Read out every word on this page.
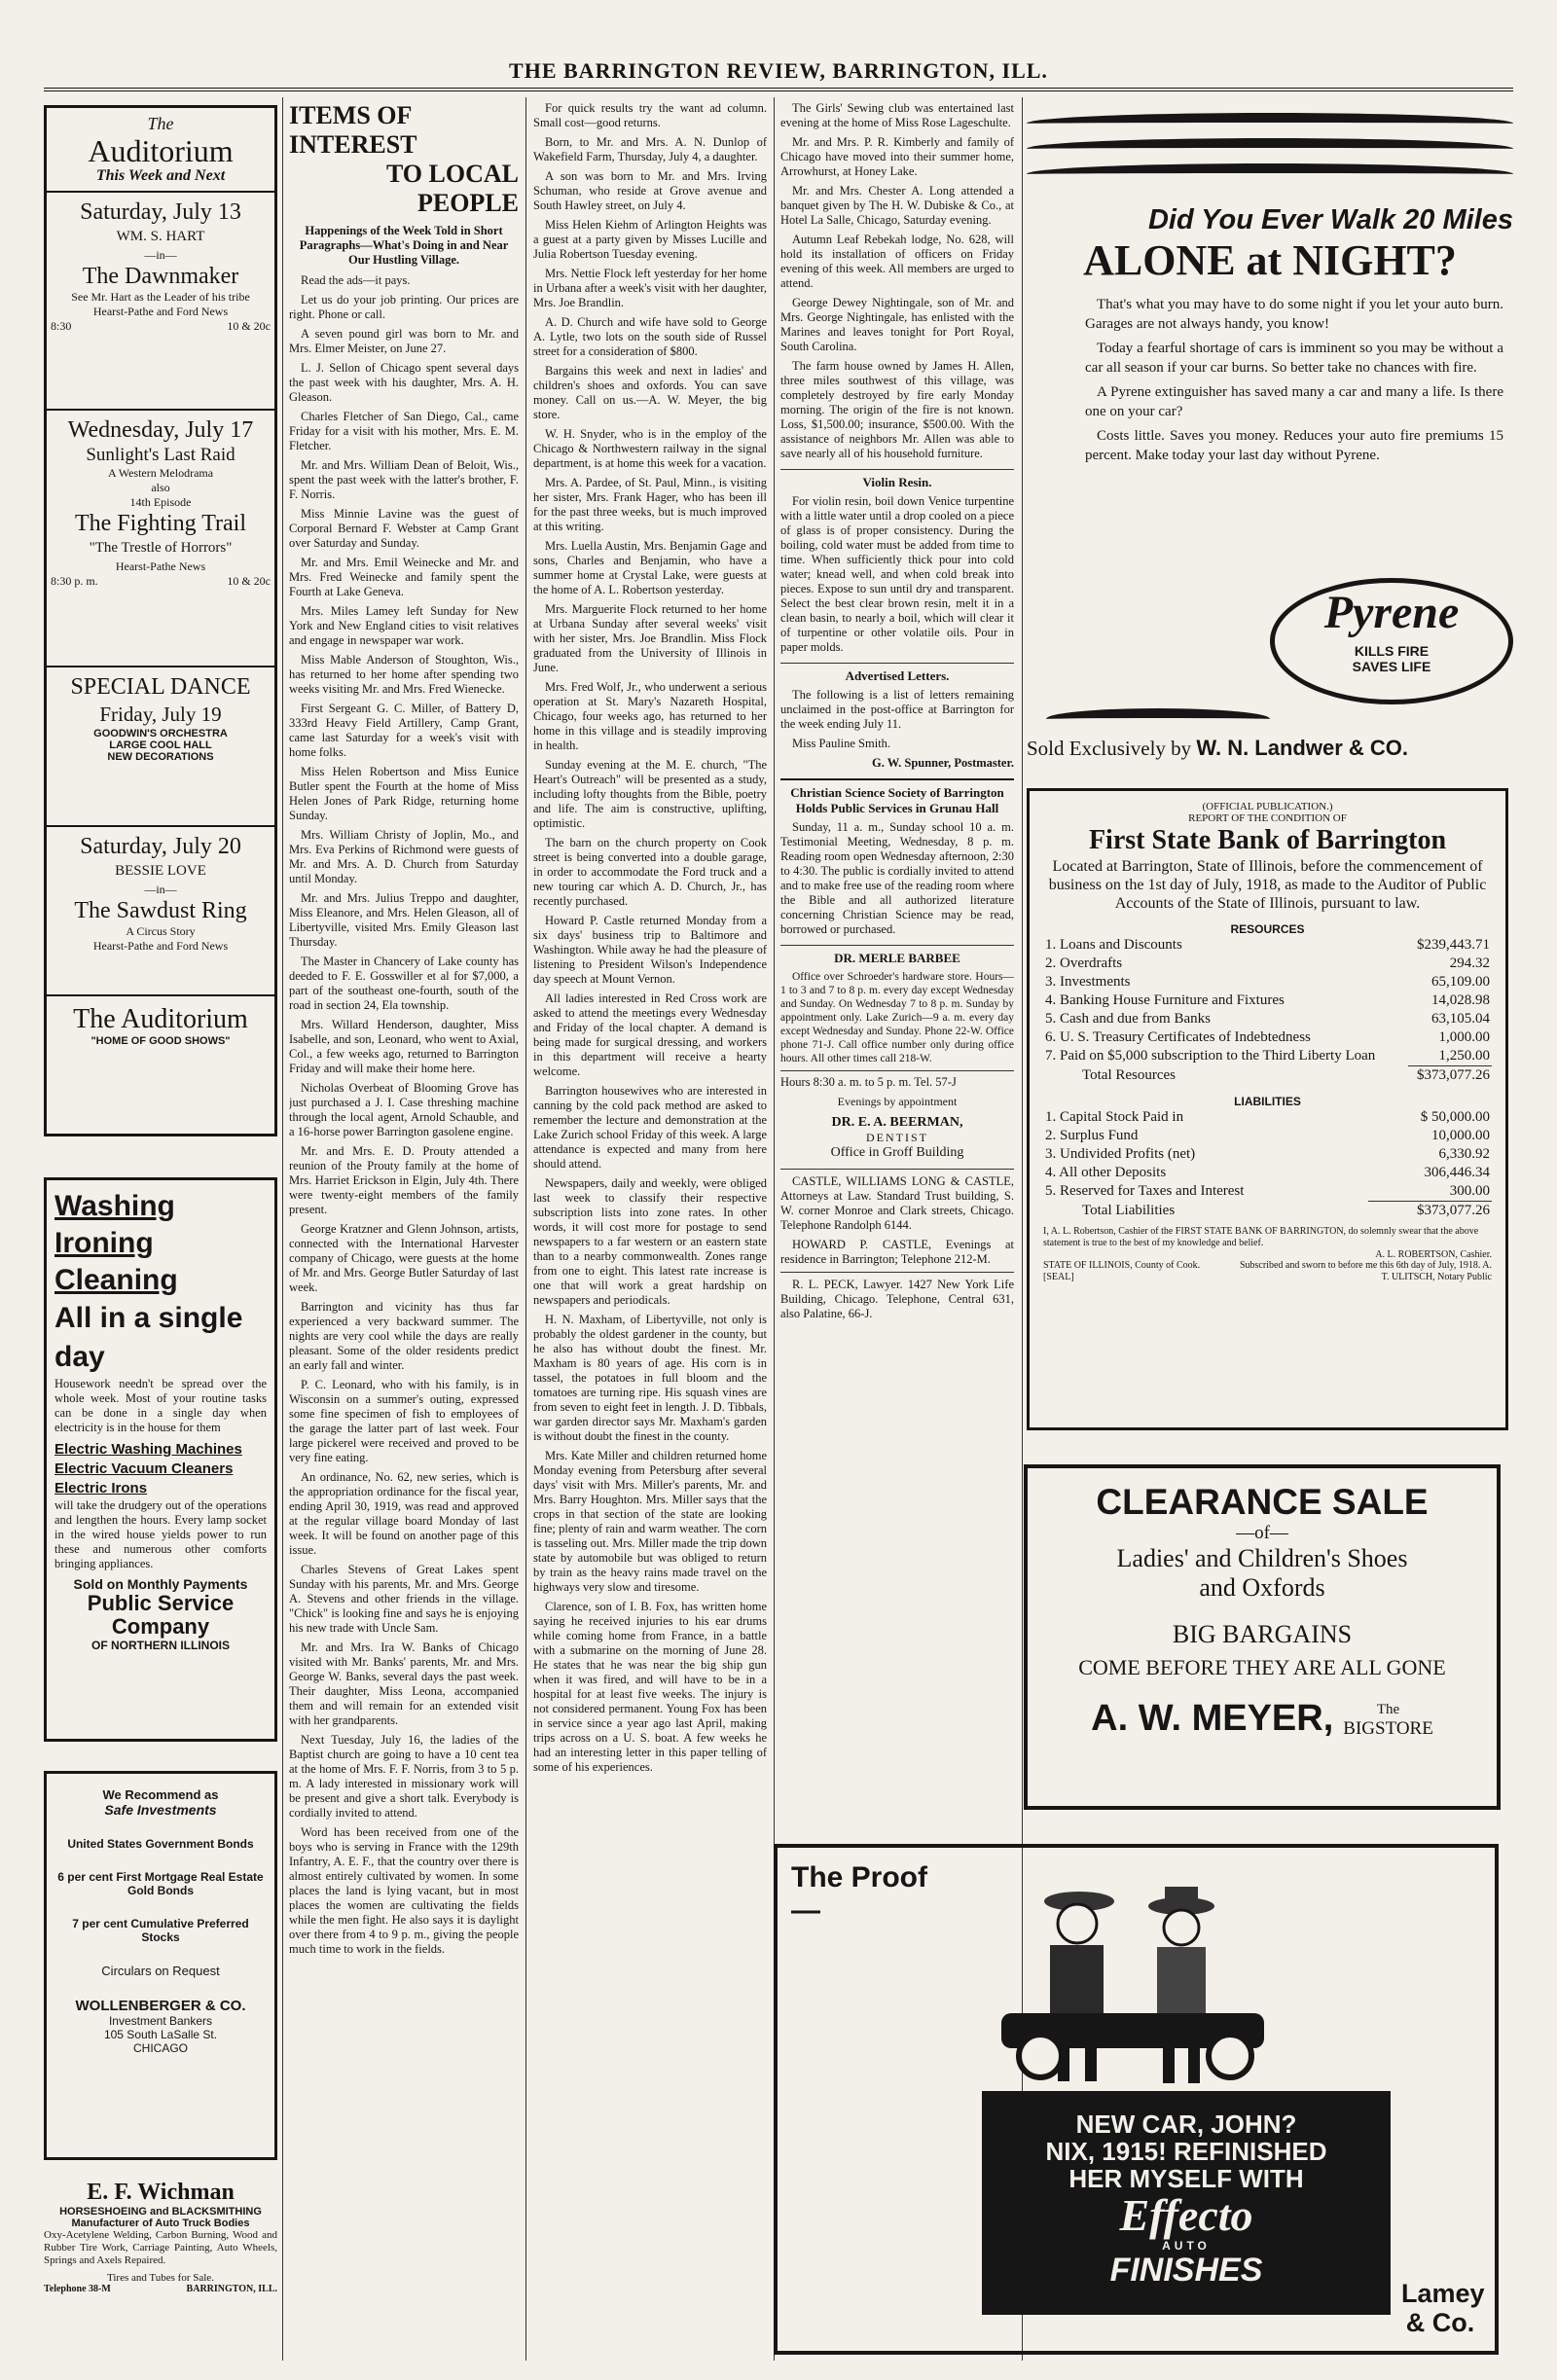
THE BARRINGTON REVIEW, BARRINGTON, ILL.
The
Auditorium
This Week and Next
Saturday, July 13
WM. S. HART
—in—
The Dawnmaker
See Mr. Hart as the Leader of his tribe
Hearst-Pathe and Ford News
8:30	10 & 20c
Wednesday, July 17
Sunlight's Last Raid
A Western Melodrama
also
14th Episode
The Fighting Trail
"The Trestle of Horrors"
Hearst-Pathe News
8:30 p. m.	10 & 20c
SPECIAL DANCE
Friday, July 19
GOODWIN'S ORCHESTRA
LARGE COOL HALL
NEW DECORATIONS
Saturday, July 20
BESSIE LOVE
—in—
The Sawdust Ring
A Circus Story
Hearst-Pathe and Ford News
The Auditorium
"HOME OF GOOD SHOWS"
Washing
Ironing
Cleaning
All in a single day
Housework needn't be spread over the whole week. Most of your routine tasks can be done in a single day when electricity is in the house for them
Electric Washing Machines
Electric Vacuum Cleaners
Electric Irons
will take the drudgery out of the operations and lengthen the hours. Every lamp socket in the wired house yields power to run these and numerous other comforts bringing appliances.
Sold on Monthly Payments
Public Service Company
OF NORTHERN ILLINOIS
We Recommend as
Safe Investments
United States Government Bonds
6 per cent First Mortgage Real Estate Gold Bonds
7 per cent Cumulative Preferred Stocks
Circulars on Request
WOLLENBERGER & CO.
Investment Bankers
105 South LaSalle St.
CHICAGO
E. F. Wichman
HORSESHOEING and BLACKSMITHING
Manufacturer of Auto Truck Bodies
Oxy-Acetylene Welding, Carbon Burning, Wood and Rubber Tire Work, Carriage Painting, Auto Wheels, Springs and Axels Repaired.
Tires and Tubes for Sale.
Telephone 38-M	BARRINGTON, ILL.
ITEMS OF INTEREST
TO LOCAL PEOPLE
Happenings of the Week Told in Short Paragraphs—What's Doing in and Near Our Hustling Village.
Read the ads—it pays.
Let us do your job printing. Our prices are right. Phone or call.
A seven pound girl was born to Mr. and Mrs. Elmer Meister, on June 27.
L. J. Sellon of Chicago spent several days the past week with his daughter, Mrs. A. H. Gleason.
Charles Fletcher of San Diego, Cal., came Friday for a visit with his mother, Mrs. E. M. Fletcher.
Mr. and Mrs. William Dean of Beloit, Wis., spent the past week with the latter's brother, F. F. Norris.
Miss Minnie Lavine was the guest of Corporal Bernard F. Webster at Camp Grant over Saturday and Sunday.
Mr. and Mrs. Emil Weinecke and Mr. and Mrs. Fred Weinecke and family spent the Fourth at Lake Geneva.
Mrs. Miles Lamey left Sunday for New York and New England cities to visit relatives and engage in newspaper war work.
Miss Mable Anderson of Stoughton, Wis., has returned to her home after spending two weeks visiting Mr. and Mrs. Fred Wienecke.
First Sergeant G. C. Miller, of Battery D, 333rd Heavy Field Artillery, Camp Grant, came last Saturday for a week's visit with home folks.
Miss Helen Robertson and Miss Eunice Butler spent the Fourth at the home of Miss Helen Jones of Park Ridge, returning home Sunday.
Mrs. William Christy of Joplin, Mo., and Mrs. Eva Perkins of Richmond were guests of Mr. and Mrs. A. D. Church from Saturday until Monday.
Mr. and Mrs. Julius Treppo and daughter, Miss Eleanore, and Mrs. Helen Gleason, all of Libertyville, visited Mrs. Emily Gleason last Thursday.
The Master in Chancery of Lake county has deeded to F. E. Gosswiller et al for $7,000, a part of the southeast one-fourth, south of the road in section 24, Ela township.
Mrs. Willard Henderson, daughter, Miss Isabelle, and son, Leonard, who went to Axial, Col., a few weeks ago, returned to Barrington Friday and will make their home here.
Nicholas Overbeat of Blooming Grove has just purchased a J. I. Case threshing machine through the local agent, Arnold Schauble, and a 16-horse power Barrington gasolene engine.
Mr. and Mrs. E. D. Prouty attended a reunion of the Prouty family at the home of Mrs. Harriet Erickson in Elgin, July 4th. There were twenty-eight members of the family present.
George Kratzner and Glenn Johnson, artists, connected with the International Harvester company of Chicago, were guests at the home of Mr. and Mrs. George Butler Saturday of last week.
Barrington and vicinity has thus far experienced a very backward summer. The nights are very cool while the days are really pleasant. Some of the older residents predict an early fall and winter.
P. C. Leonard, who with his family, is in Wisconsin on a summer's outing, expressed some fine specimen of fish to employees of the garage the latter part of last week. Four large pickerel were received and proved to be very fine eating.
An ordinance, No. 62, new series, which is the appropriation ordinance for the fiscal year, ending April 30, 1919, was read and approved at the regular village board Monday of last week. It will be found on another page of this issue.
Charles Stevens of Great Lakes spent Sunday with his parents, Mr. and Mrs. George A. Stevens and other friends in the village. "Chick" is looking fine and says he is enjoying his new trade with Uncle Sam.
Mr. and Mrs. Ira W. Banks of Chicago visited with Mr. Banks' parents, Mr. and Mrs. George W. Banks, several days the past week. Their daughter, Miss Leona, accompanied them and will remain for an extended visit with her grandparents.
Next Tuesday, July 16, the ladies of the Baptist church are going to have a 10 cent tea at the home of Mrs. F. F. Norris, from 3 to 5 p. m. A lady interested in missionary work will be present and give a short talk. Everybody is cordially invited to attend.
Word has been received from one of the boys who is serving in France with the 129th Infantry, A. E. F., that the country over there is almost entirely cultivated by women. In some places the land is lying vacant, but in most places the women are cultivating the fields while the men fight. He also says it is daylight over there from 4 to 9 p. m., giving the people much time to work in the fields.
For quick results try the want ad column. Small cost—good returns.
Born, to Mr. and Mrs. A. N. Dunlop of Wakefield Farm, Thursday, July 4, a daughter.
A son was born to Mr. and Mrs. Irving Schuman, who reside at Grove avenue and South Hawley street, on July 4.
Miss Helen Kiehm of Arlington Heights was a guest at a party given by Misses Lucille and Julia Robertson Tuesday evening.
Mrs. Nettie Flock left yesterday for her home in Urbana after a week's visit with her daughter, Mrs. Joe Brandlin.
A. D. Church and wife have sold to George A. Lytle, two lots on the south side of Russel street for a consideration of $800.
Bargains this week and next in ladies' and children's shoes and oxfords. You can save money. Call on us.—A. W. Meyer, the big store.
W. H. Snyder, who is in the employ of the Chicago & Northwestern railway in the signal department, is at home this week for a vacation.
Mrs. A. Pardee, of St. Paul, Minn., is visiting her sister, Mrs. Frank Hager, who has been ill for the past three weeks, but is much improved at this writing.
Mrs. Luella Austin, Mrs. Benjamin Gage and sons, Charles and Benjamin, who have a summer home at Crystal Lake, were guests at the home of A. L. Robertson yesterday.
Mrs. Marguerite Flock returned to her home at Urbana Sunday after several weeks' visit with her sister, Mrs. Joe Brandlin. Miss Flock graduated from the University of Illinois in June.
Mrs. Fred Wolf, Jr., who underwent a serious operation at St. Mary's Nazareth Hospital, Chicago, four weeks ago, has returned to her home in this village and is steadily improving in health.
Sunday evening at the M. E. church, "The Heart's Outreach" will be presented as a study, including lofty thoughts from the Bible, poetry and life. The aim is constructive, uplifting, optimistic.
The barn on the church property on Cook street is being converted into a double garage, in order to accommodate the Ford truck and a new touring car which A. D. Church, Jr., has recently purchased.
Howard P. Castle returned Monday from a six days' business trip to Baltimore and Washington. While away he had the pleasure of listening to President Wilson's Independence day speech at Mount Vernon.
All ladies interested in Red Cross work are asked to attend the meetings every Wednesday and Friday of the local chapter. A demand is being made for surgical dressing, and workers in this department will receive a hearty welcome.
Barrington housewives who are interested in canning by the cold pack method are asked to remember the lecture and demonstration at the Lake Zurich school Friday of this week. A large attendance is expected and many from here should attend.
Newspapers, daily and weekly, were obliged last week to classify their respective subscription lists into zone rates. In other words, it will cost more for postage to send newspapers to a far western or an eastern state than to a nearby commonwealth. Zones range from one to eight. This latest rate increase is one that will work a great hardship on newspapers and periodicals.
H. N. Maxham, of Libertyville, not only is probably the oldest gardener in the county, but he also has without doubt the finest. Mr. Maxham is 80 years of age. His corn is in tassel, the potatoes in full bloom and the tomatoes are turning ripe. His squash vines are from seven to eight feet in length. J. D. Tibbals, war garden director says Mr. Maxham's garden is without doubt the finest in the county.
Mrs. Kate Miller and children returned home Monday evening from Petersburg after several days' visit with Mrs. Miller's parents, Mr. and Mrs. Barry Houghton. Mrs. Miller says that the crops in that section of the state are looking fine; plenty of rain and warm weather. The corn is tasseling out. Mrs. Miller made the trip down state by automobile but was obliged to return by train as the heavy rains made travel on the highways very slow and tiresome.
Clarence, son of I. B. Fox, has written home saying he received injuries to his ear drums while coming home from France, in a battle with a submarine on the morning of June 28. He states that he was near the big ship gun when it was fired, and will have to be in a hospital for at least five weeks. The injury is not considered permanent. Young Fox has been in service since a year ago last April, making trips across on a U. S. boat. A few weeks he had an interesting letter in this paper telling of some of his experiences.
The Girls' Sewing club was entertained last evening at the home of Miss Rose Lageschulte.
Mr. and Mrs. P. R. Kimberly and family of Chicago have moved into their summer home, Arrowhurst, at Honey Lake.
Mr. and Mrs. Chester A. Long attended a banquet given by The H. W. Dubiske & Co., at Hotel La Salle, Chicago, Saturday evening.
Autumn Leaf Rebekah lodge, No. 628, will hold its installation of officers on Friday evening of this week. All members are urged to attend.
George Dewey Nightingale, son of Mr. and Mrs. George Nightingale, has enlisted with the Marines and leaves tonight for Port Royal, South Carolina.
The farm house owned by James H. Allen, three miles southwest of this village, was completely destroyed by fire early Monday morning. The origin of the fire is not known. Loss, $1,500.00; insurance, $500.00. With the assistance of neighbors Mr. Allen was able to save nearly all of his household furniture.
Violin Resin.
For violin resin, boil down Venice turpentine with a little water until a drop cooled on a piece of glass is of proper consistency. During the boiling, cold water must be added from time to time. When sufficiently thick pour into cold water; knead well, and when cold break into pieces. Expose to sun until dry and transparent. Select the best clear brown resin, melt it in a clean basin, to nearly a boil, which will clear it of turpentine or other volatile oils. Pour in paper molds.
Advertised Letters.
The following is a list of letters remaining unclaimed in the post-office at Barrington for the week ending July 11.
Miss Pauline Smith.
G. W. Spunner, Postmaster.
Christian Science Society of Barrington Holds Public Services in Grunau Hall
Sunday, 11 a. m., Sunday school 10 a. m. Testimonial Meeting, Wednesday, 8 p. m. Reading room open Wednesday afternoon, 2:30 to 4:30. The public is cordially invited to attend and to make free use of the reading room where the Bible and all authorized literature concerning Christian Science may be read, borrowed or purchased.
DR. MERLE BARBEE
Office over Schroeder's hardware store. Hours—1 to 3 and 7 to 8 p. m. every day except Wednesday and Sunday. On Wednesday 7 to 8 p. m. Sunday by appointment only. Lake Zurich—9 a. m. every day except Wednesday and Sunday. Phone 22-W. Office phone 71-J. Call office number only during office hours. All other times call 218-W.
Hours 8:30 a. m. to 5 p. m. Tel. 57-J
Evenings by appointment
DR. E. A. BEERMAN,
DENTIST
Office in Groff Building
CASTLE, WILLIAMS LONG & CASTLE, Attorneys at Law. Standard Trust building, S. W. corner Monroe and Clark streets, Chicago. Telephone Randolph 6144.
HOWARD P. CASTLE, Evenings at residence in Barrington; Telephone 212-M.
R. L. PECK, Lawyer. 1427 New York Life Building, Chicago. Telephone, Central 631, also Palatine, 66-J.
Did You Ever Walk 20 Miles
ALONE at NIGHT?
That's what you may have to do some night if you let your auto burn. Garages are not always handy, you know!
Today a fearful shortage of cars is imminent so you may be without a car all season if your car burns. So better take no chances with fire.
A Pyrene extinguisher has saved many a car and many a life. Is there one on your car?
Costs little. Saves you money. Reduces your auto fire premiums 15 percent. Make today your last day without Pyrene.
Pyrene
KILLS FIRE
SAVES LIFE
Sold Exclusively by W. N. Landwer & CO.
(OFFICIAL PUBLICATION.)
REPORT OF THE CONDITION OF
First State Bank of Barrington
Located at Barrington, State of Illinois, before the commencement of business on the 1st day of July, 1918, as made to the Auditor of Public Accounts of the State of Illinois, pursuant to law.
RESOURCES
1. Loans and Discounts	$239,443.71
2. Overdrafts	294.32
3. Investments	65,109.00
4. Banking House Furniture and Fixtures	14,028.98
5. Cash and due from Banks	63,105.04
6. U. S. Treasury Certificates of Indebtedness	1,000.00
7. Paid on $5,000 subscription to the Third Liberty Loan	1,250.00
Total Resources	$373,077.26
LIABILITIES
1. Capital Stock Paid in	$ 50,000.00
2. Surplus Fund	10,000.00
3. Undivided Profits (net)	6,330.92
4. All other Deposits	306,446.34
5. Reserved for Taxes and Interest	300.00
Total Liabilities	$373,077.26
I, A. L. Robertson, Cashier of the FIRST STATE BANK OF BARRINGTON, do solemnly swear that the above statement is true to the best of my knowledge and belief.
A. L. ROBERTSON, Cashier.
STATE OF ILLINOIS, County of Cook.
[SEAL]
Subscribed and sworn to before me this 6th day of July, 1918. A. T. ULITSCH, Notary Public
CLEARANCE SALE
—of—
Ladies' and Children's Shoes
and Oxfords
BIG BARGAINS
COME BEFORE THEY ARE ALL GONE
A. W. MEYER,	The
BIGSTORE
The Proof—
NEW CAR, JOHN?
NIX, 1915! REFINISHED
HER MYSELF WITH
Effecto
AUTO
FINISHES
Lamey & Co.
